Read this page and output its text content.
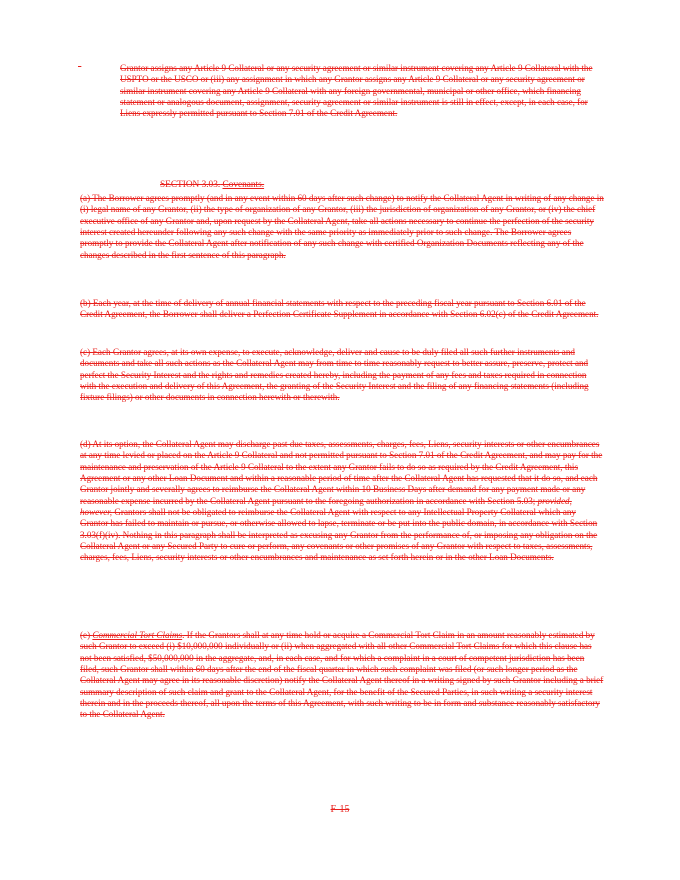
-	Grantor assigns any Article 9 Collateral or any security agreement or similar instrument covering any Article 9 Collateral with the USPTO or the USCO or (iii) any assignment in which any Grantor assigns any Article 9 Collateral or any security agreement or similar instrument covering any Article 9 Collateral with any foreign governmental, municipal or other office, which financing statement or analogous document, assignment, security agreement or similar instrument is still in effect, except, in each case, for Liens expressly permitted pursuant to Section 7.01 of the Credit Agreement.

SECTION 3.03. Covenants.

(a) The Borrower agrees promptly (and in any event within 60 days after such change) to notify the Collateral Agent in writing of any change in (i) legal name of any Grantor, (ii) the type of organization of any Grantor, (iii) the jurisdiction of organization of any Grantor, or (iv) the chief executive office of any Grantor and, upon request by the Collateral Agent, take all actions necessary to continue the perfection of the security interest created hereunder following any such change with the same priority as immediately prior to such change. The Borrower agrees promptly to provide the Collateral Agent after notification of any such change with certified Organization Documents reflecting any of the changes described in the first sentence of this paragraph.

(b) Each year, at the time of delivery of annual financial statements with respect to the preceding fiscal year pursuant to Section 6.01 of the Credit Agreement, the Borrower shall deliver a Perfection Certificate Supplement in accordance with Section 6.02(c) of the Credit Agreement.

(c) Each Grantor agrees, at its own expense, to execute, acknowledge, deliver and cause to be duly filed all such further instruments and documents and take all such actions as the Collateral Agent may from time to time reasonably request to better assure, preserve, protect and perfect the Security Interest and the rights and remedies created hereby, including the payment of any fees and taxes required in connection with the execution and delivery of this Agreement, the granting of the Security Interest and the filing of any financing statements (including fixture filings) or other documents in connection herewith or therewith.

(d) At its option, the Collateral Agent may discharge past due taxes, assessments, charges, fees, Liens, security interests or other encumbrances at any time levied or placed on the Article 9 Collateral and not permitted pursuant to Section 7.01 of the Credit Agreement, and may pay for the maintenance and preservation of the Article 9 Collateral to the extent any Grantor fails to do so as required by the Credit Agreement, this Agreement or any other Loan Document and within a reasonable period of time after the Collateral Agent has requested that it do so, and each Grantor jointly and severally agrees to reimburse the Collateral Agent within 10 Business Days after demand for any payment made or any reasonable expense incurred by the Collateral Agent pursuant to the foregoing authorization in accordance with Section 5.03; provided, however, Grantors shall not be obligated to reimburse the Collateral Agent with respect to any Intellectual Property Collateral which any Grantor has failed to maintain or pursue, or otherwise allowed to lapse, terminate or be put into the public domain, in accordance with Section 3.03(f)(iv). Nothing in this paragraph shall be interpreted as excusing any Grantor from the performance of, or imposing any obligation on the Collateral Agent or any Secured Party to cure or perform, any covenants or other promises of any Grantor with respect to taxes, assessments, charges, fees, Liens, security interests or other encumbrances and maintenance as set forth herein or in the other Loan Documents.

(e) Commercial Tort Claims. If the Grantors shall at any time hold or acquire a Commercial Tort Claim in an amount reasonably estimated by such Grantor to exceed (i) $10,000,000 individually or (ii) when aggregated with all other Commercial Tort Claims for which this clause has not been satisfied, $50,000,000 in the aggregate, and, in each case, and for which a complaint in a court of competent jurisdiction has been filed, such Grantor shall within 60 days after the end of the fiscal quarter in which such complaint was filed (or such longer period as the Collateral Agent may agree in its reasonable discretion) notify the Collateral Agent thereof in a writing signed by such Grantor including a brief summary description of such claim and grant to the Collateral Agent, for the benefit of the Secured Parties, in such writing a security interest therein and in the proceeds thereof, all upon the terms of this Agreement, with such writing to be in form and substance reasonably satisfactory to the Collateral Agent.

F-15
